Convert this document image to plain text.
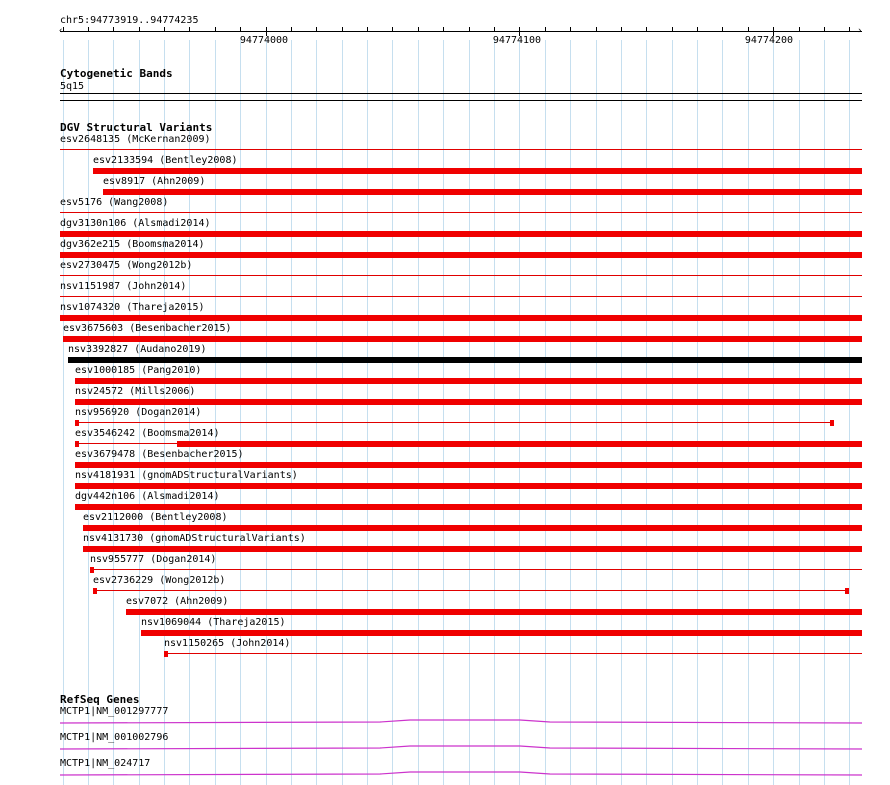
chr5:94773919..94774235
‹	›
94774000	94774100	94774200
Cytogenetic Bands
5q15
DGV Structural Variants
esv2648135 (McKernan2009)
esv2133594 (Bentley2008)
esv8917 (Ahn2009)
esv5176 (Wang2008)
dgv3130n106 (Alsmadi2014)
dgv362e215 (Boomsma2014)
esv2730475 (Wong2012b)
nsv1151987 (John2014)
nsv1074320 (Thareja2015)
esv3675603 (Besenbacher2015)
nsv3392827 (Audano2019)
esv1000185 (Pang2010)
nsv24572 (Mills2006)
nsv956920 (Dogan2014)
esv3546242 (Boomsma2014)
esv3679478 (Besenbacher2015)
nsv4181931 (gnomADStructuralVariants)
dgv442n106 (Alsmadi2014)
esv2112000 (Bentley2008)
nsv4131730 (gnomADStructuralVariants)
nsv955777 (Dogan2014)
esv2736229 (Wong2012b)
esv7072 (Ahn2009)
nsv1069044 (Thareja2015)
nsv1150265 (John2014)
RefSeq Genes
MCTP1|NM_001297777
MCTP1|NM_001002796
MCTP1|NM_024717
